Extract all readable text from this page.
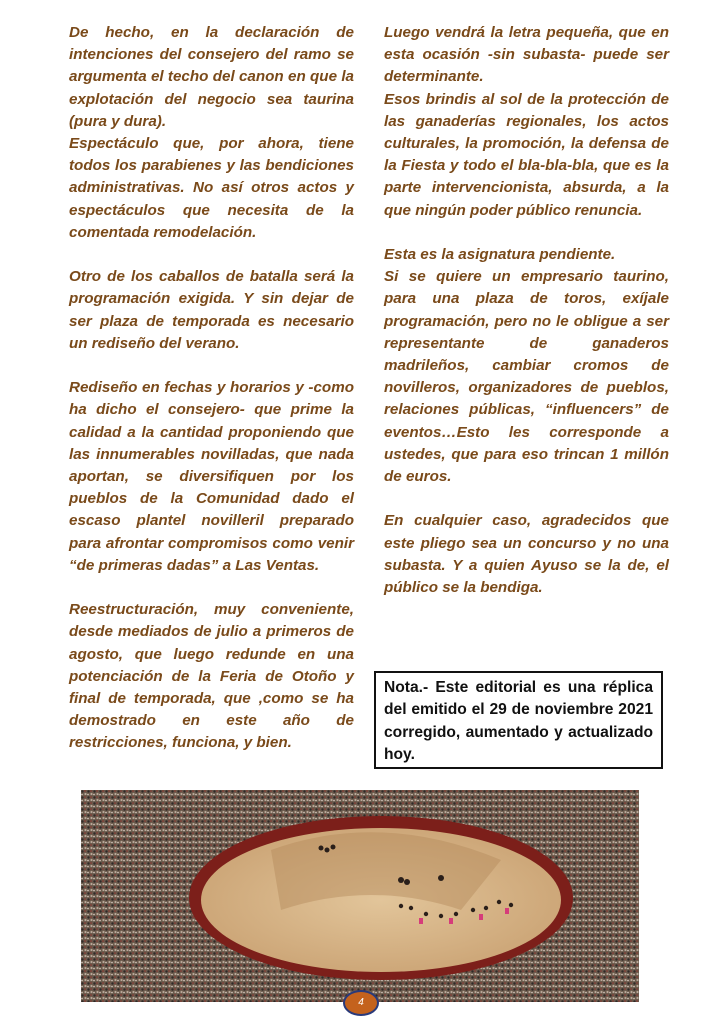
De hecho, en la declaración de intenciones del consejero del ramo se argumenta el techo del canon en que la explotación del negocio sea taurina (pura y dura).

Espectáculo que, por ahora, tiene todos los parabienes y las bendiciones administrativas. No así otros actos y espectáculos que necesita de la comentada remodelación.

Otro de los caballos de batalla será la programación exigida. Y sin dejar de ser plaza de temporada es necesario un rediseño del verano.

Rediseño en fechas y horarios y -como ha dicho el consejero- que prime la calidad a la cantidad proponiendo que las innumerables novilladas, que nada aportan, se diversifiquen por los pueblos de la Comunidad dado el escaso plantel novilleril preparado para afrontar compromisos como venir “de primeras dadas” a Las Ventas.

Reestructuración, muy conveniente, desde mediados de julio a primeros de agosto, que luego redunde en una potenciación de la Feria de Otoño y final de temporada, que ,como se ha demostrado en este año de restricciones, funciona, y bien.

Luego vendrá la letra pequeña, que en esta ocasión -sin subasta- puede ser determinante.

Esos brindis al sol de la protección de las ganaderías regionales, los actos culturales, la promoción, la defensa de la Fiesta y todo el bla-bla-bla, que es la parte intervencionista, absurda, a la que ningún poder público renuncia.

Esta es la asignatura pendiente.

Si se quiere un empresario taurino, para una plaza de toros, exíjale programación, pero no le obligue a ser representante de ganaderos madrileños, cambiar cromos de novilleros, organizadores de pueblos, relaciones públicas, “influencers” de eventos…Esto les corresponde a ustedes, que para eso trincan 1 millón de euros.

En cualquier caso, agradecidos que este pliego sea un concurso y no una subasta. Y a quien Ayuso se la de, el público se la bendiga.

Nota.- Este editorial es una réplica del emitido el 29 de noviembre 2021 corregido, aumentado y actualizado hoy.

4
